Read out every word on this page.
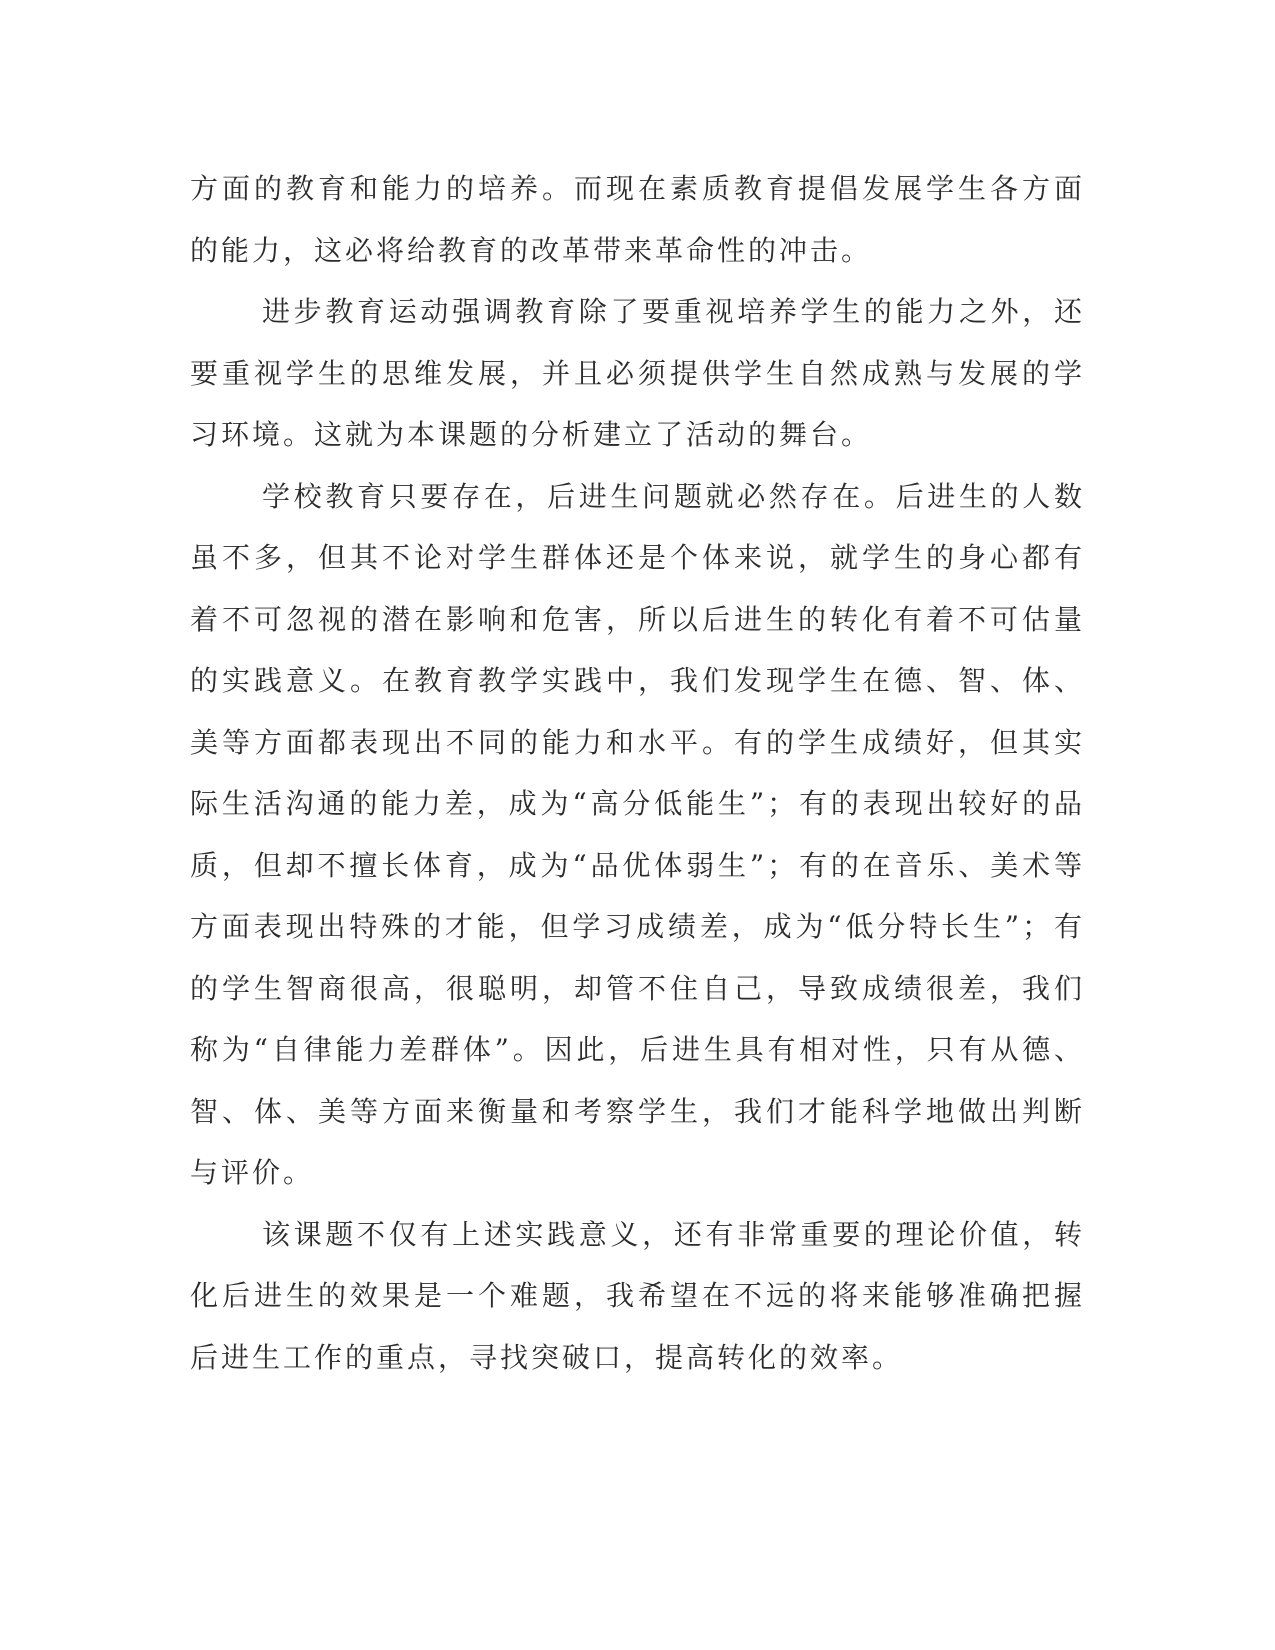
方面的教育和能力的培养。而现在素质教育提倡发展学生各方面的能力，这必将给教育的改革带来革命性的冲击。

进步教育运动强调教育除了要重视培养学生的能力之外，还要重视学生的思维发展，并且必须提供学生自然成熟与发展的学习环境。这就为本课题的分析建立了活动的舞台。

学校教育只要存在，后进生问题就必然存在。后进生的人数虽不多，但其不论对学生群体还是个体来说，就学生的身心都有着不可忽视的潜在影响和危害，所以后进生的转化有着不可估量的实践意义。在教育教学实践中，我们发现学生在德、智、体、美等方面都表现出不同的能力和水平。有的学生成绩好，但其实际生活沟通的能力差，成为“高分低能生”；有的表现出较好的品质，但却不擅长体育，成为“品优体弱生”；有的在音乐、美术等方面表现出特殊的才能，但学习成绩差，成为“低分特长生”；有的学生智商很高，很聪明，却管不住自己，导致成绩很差，我们称为“自律能力差群体”。因此，后进生具有相对性，只有从德、智、体、美等方面来衡量和考察学生，我们才能科学地做出判断与评价。

该课题不仅有上述实践意义，还有非常重要的理论价值，转化后进生的效果是一个难题，我希望在不远的将来能够准确把握后进生工作的重点，寻找突破口，提高转化的效率。
